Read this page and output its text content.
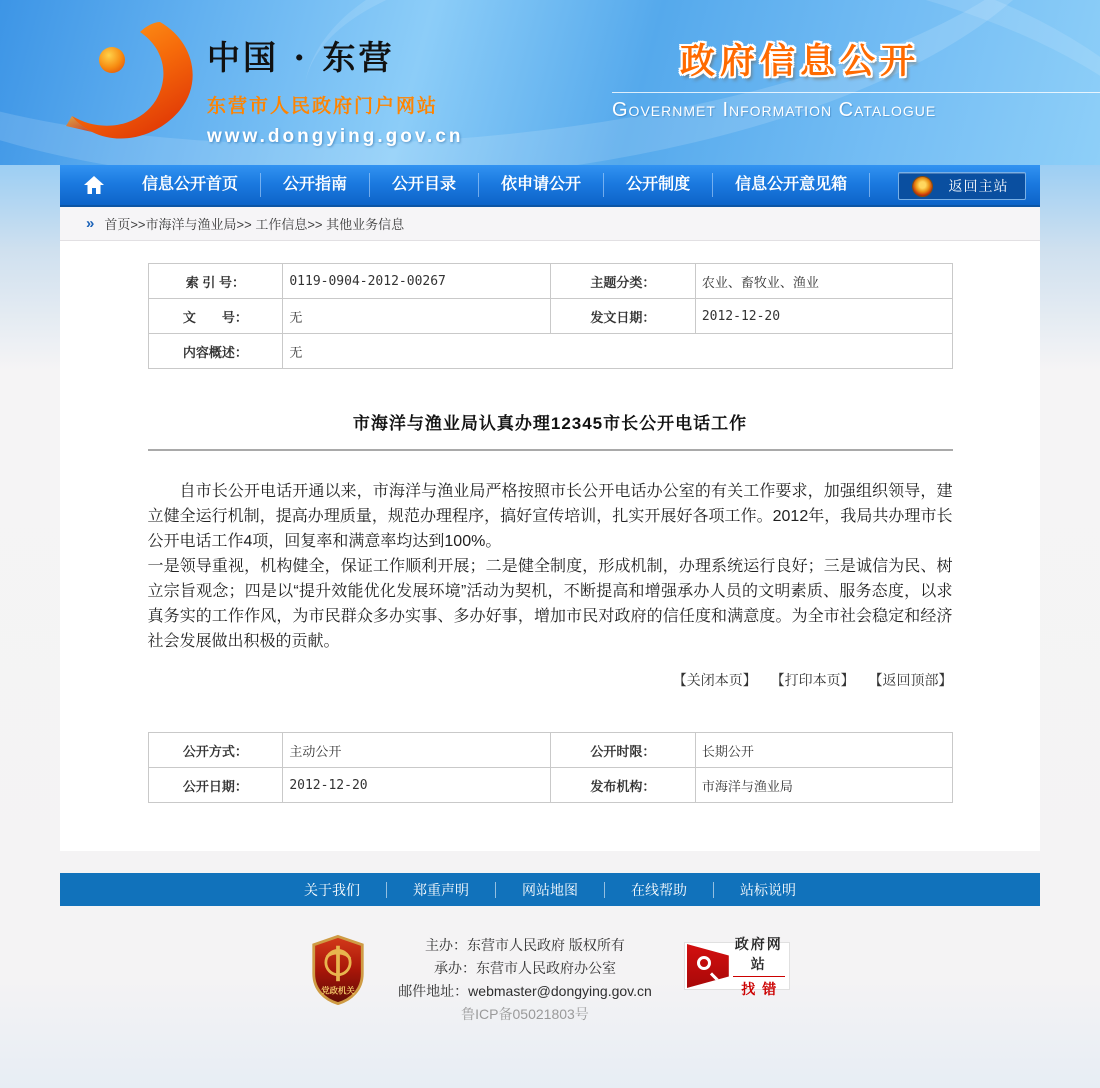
中国 · 东营
东营市人民政府门户网站
www.dongying.gov.cn
政府信息公开
Governmet Information Catalogue
信息公开首页	公开指南	公开目录	依申请公开	公开制度	信息公开意见箱	返回主站
» 首页>>市海洋与渔业局>> 工作信息>> 其他业务信息
索 引 号：	0119-0904-2012-00267	主题分类：	农业、畜牧业、渔业
文　　号：	无	发文日期：	2012-12-20
内容概述：	无		
市海洋与渔业局认真办理12345市长公开电话工作

自市长公开电话开通以来，市海洋与渔业局严格按照市长公开电话办公室的有关工作要求，加强组织领导，建立健全运行机制，提高办理质量，规范办理程序，搞好宣传培训，扎实开展好各项工作。2012年，我局共办理市长公开电话工作4项，回复率和满意率均达到100%。

一是领导重视，机构健全，保证工作顺利开展；二是健全制度，形成机制，办理系统运行良好；三是诚信为民、树立宗旨观念；四是以“提升效能优化发展环境”活动为契机，不断提高和增强承办人员的文明素质、服务态度，以求真务实的工作作风，为市民群众多办实事、多办好事，增加市民对政府的信任度和满意度。为全市社会稳定和经济社会发展做出积极的贡献。

【关闭本页】 【打印本页】 【返回顶部】
公开方式：	主动公开	公开时限：	长期公开
公开日期：	2012-12-20	发布机构：	市海洋与渔业局
关于我们	郑重声明	网站地图	在线帮助	站标说明
党政机关
主办：东营市人民政府 版权所有
承办：东营市人民政府办公室
邮件地址：webmaster@dongying.gov.cn
鲁ICP备05021803号
政府网站
找错
